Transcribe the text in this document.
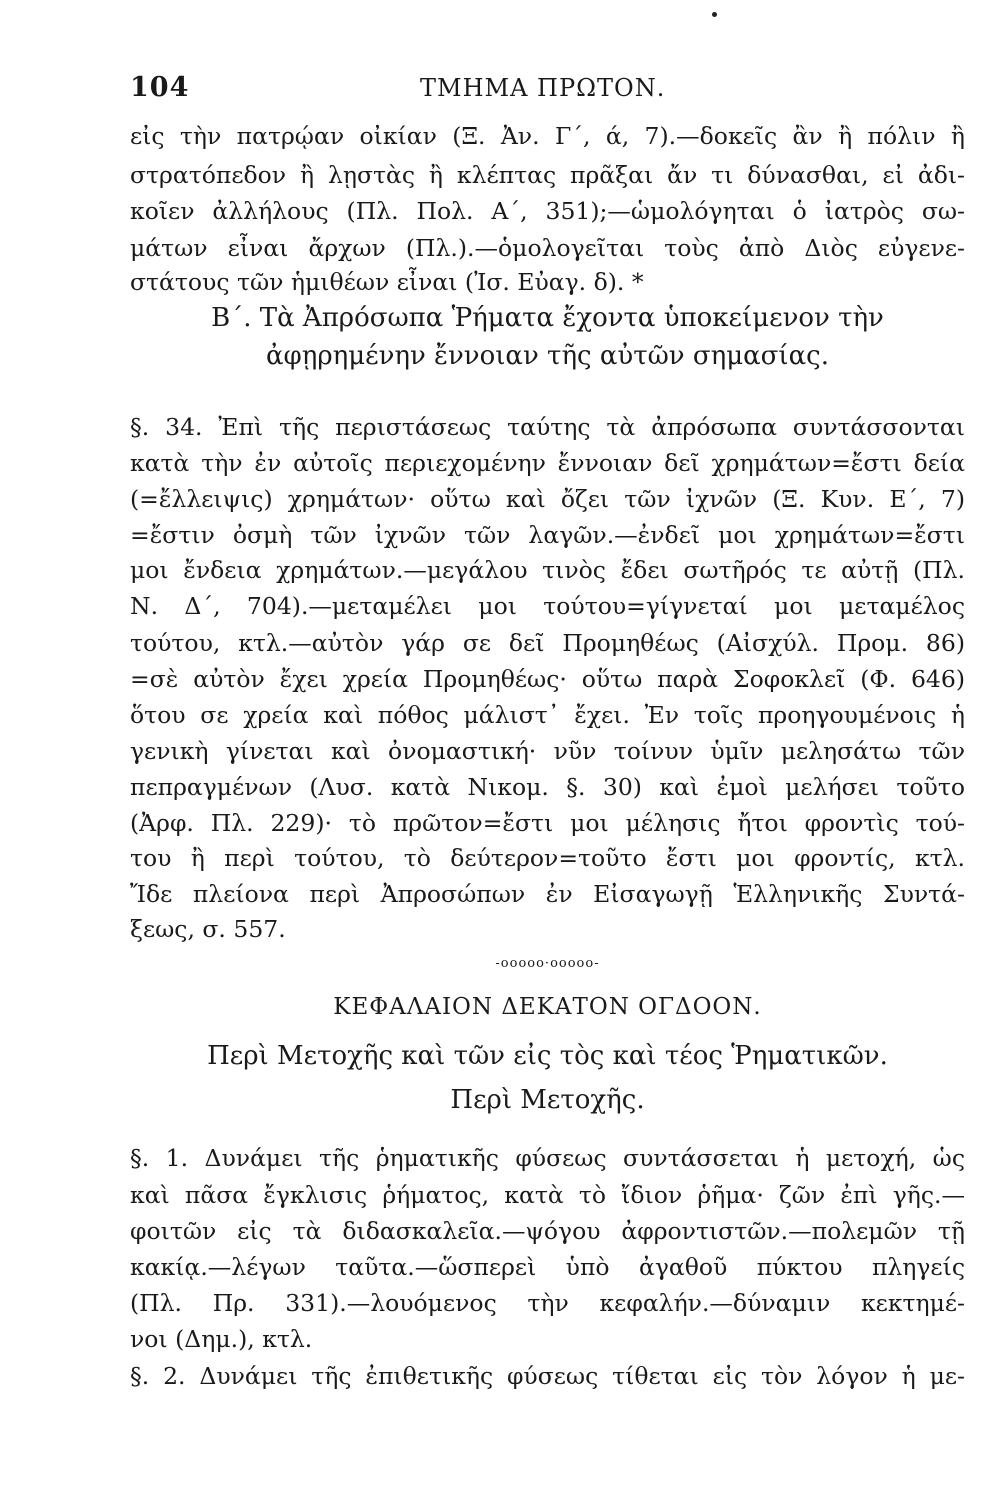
104	ΤΜΗΜΑ ΠΡΩΤΟΝ.
εἰς τὴν πατρῴαν οἰκίαν (Ξ. Ἀν. Γ΄, ά, 7).—δοκεῖς ἂν ἢ πόλιν ἢ
στρατόπεδον ἢ λῃστὰς ἢ κλέπτας πρᾶξαι ἄν τι δύνασθαι, εἰ ἀδι-
κοῖεν ἀλλήλους (Πλ. Πολ. Α΄, 351);—ὡμολόγηται ὁ ἰατρὸς σω-
μάτων εἶναι ἄρχων (Πλ.).—ὁμολογεῖται τοὺς ἀπὸ Διὸς εὐγενε-
στάτους τῶν ἡμιθέων εἶναι (Ἰσ. Εὐαγ. δ). *
Β΄. Τὰ Ἀπρόσωπα Ῥήματα ἔχοντα ὑποκείμενον τὴν
ἀφῃρημένην ἔννοιαν τῆς αὐτῶν σημασίας.
§. 34. Ἐπὶ τῆς περιστάσεως ταύτης τὰ ἀπρόσωπα συντάσσονται
κατὰ τὴν ἐν αὐτοῖς περιεχομένην ἔννοιαν δεῖ χρημάτων=ἔστι δεία
(=ἔλλειψις) χρημάτων· οὕτω καὶ ὄζει τῶν ἰχνῶν (Ξ. Κυν. Ε΄, 7)
=ἔστιν ὀσμὴ τῶν ἰχνῶν τῶν λαγῶν.—ἐνδεῖ μοι χρημάτων=ἔστι
μοι ἔνδεια χρημάτων.—μεγάλου τινὸς ἔδει σωτῆρός τε αὐτῇ (Πλ.
Ν. Δ΄, 704).—μεταμέλει μοι τούτου=γίγνεταί μοι μεταμέλος
τούτου, κτλ.—αὐτὸν γάρ σε δεῖ Προμηθέως (Αἰσχύλ. Προμ. 86)
=σὲ αὐτὸν ἔχει χρεία Προμηθέως· οὕτω παρὰ Σοφοκλεῖ (Φ. 646)
ὅτου σε χρεία καὶ πόθος μάλιστ᾽ ἔχει. Ἐν τοῖς προηγουμένοις ἡ
γενικὴ γίνεται καὶ ὀνομαστική· νῦν τοίνυν ὑμῖν μελησάτω τῶν
πεπραγμένων (Λυσ. κατὰ Νικομ. §. 30) καὶ ἐμοὶ μελήσει τοῦτο
(Ἀρφ. Πλ. 229)· τὸ πρῶτον=ἔστι μοι μέλησις ἤτοι φροντὶς τού-
του ἢ περὶ τούτου, τὸ δεύτερον=τοῦτο ἔστι μοι φροντίς, κτλ.
Ἴδε πλείονα περὶ Ἀπροσώπων ἐν Εἰσαγωγῇ Ἑλληνικῆς Συντά-
ξεως, σ. 557.
-ooooo·ooooo-
ΚΕΦΑΛΑΙΟΝ ΔΕΚΑΤΟΝ ΟΓΔΟΟΝ.
Περὶ Μετοχῆς καὶ τῶν εἰς τὸς καὶ τέος Ῥηματικῶν.
Περὶ Μετοχῆς.
§. 1. Δυνάμει τῆς ῥηματικῆς φύσεως συντάσσεται ἡ μετοχή, ὡς
καὶ πᾶσα ἔγκλισις ῥήματος, κατὰ τὸ ἴδιον ῥῆμα· ζῶν ἐπὶ γῆς.—
φοιτῶν εἰς τὰ διδασκαλεῖα.—ψόγου ἀφροντιστῶν.—πολεμῶν τῇ
κακίᾳ.—λέγων ταῦτα.—ὥσπερεὶ ὑπὸ ἀγαθοῦ πύκτου πληγείς
(Πλ. Πρ. 331).—λουόμενος τὴν κεφαλήν.—δύναμιν κεκτημέ-
νοι (Δημ.), κτλ.
§. 2. Δυνάμει τῆς ἐπιθετικῆς φύσεως τίθεται εἰς τὸν λόγον ἡ με-
